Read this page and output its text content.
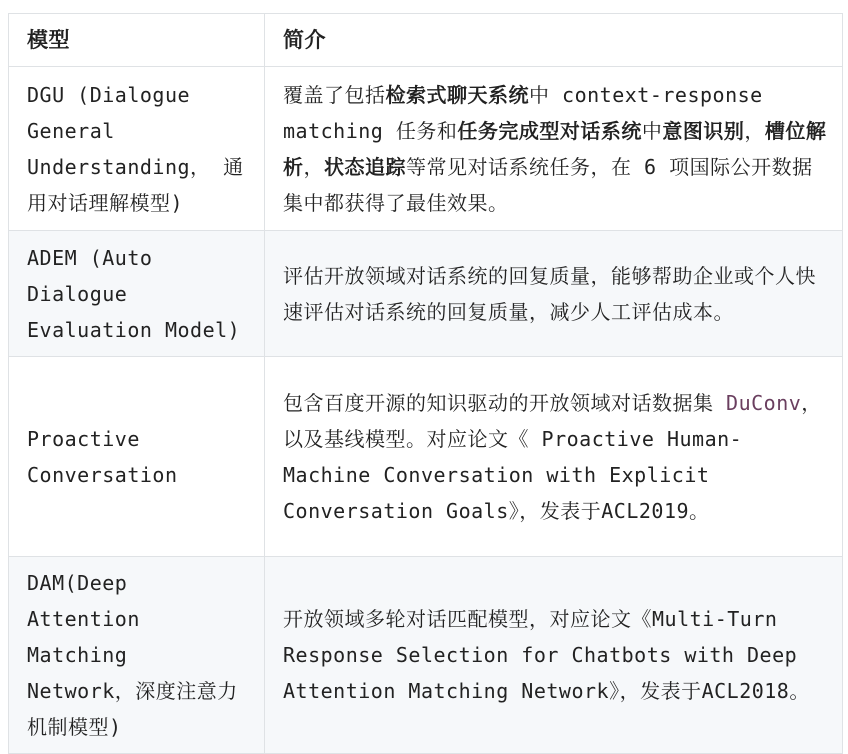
模型	简介
DGU (Dialogue General Understanding， 通用对话理解模型)	覆盖了包括检索式聊天系统中 context-response matching 任务和任务完成型对话系统中意图识别，槽位解析，状态追踪等常见对话系统任务，在 6 项国际公开数据集中都获得了最佳效果。
ADEM (Auto Dialogue Evaluation Model)	评估开放领域对话系统的回复质量，能够帮助企业或个人快速评估对话系统的回复质量，减少人工评估成本。
Proactive Conversation	包含百度开源的知识驱动的开放领域对话数据集 DuConv，以及基线模型。对应论文《 Proactive Human-Machine Conversation with Explicit Conversation Goals》，发表于ACL2019。
DAM(Deep Attention Matching Network，深度注意力机制模型)	开放领域多轮对话匹配模型，对应论文《Multi-Turn Response Selection for Chatbots with Deep Attention Matching Network》，发表于ACL2018。
